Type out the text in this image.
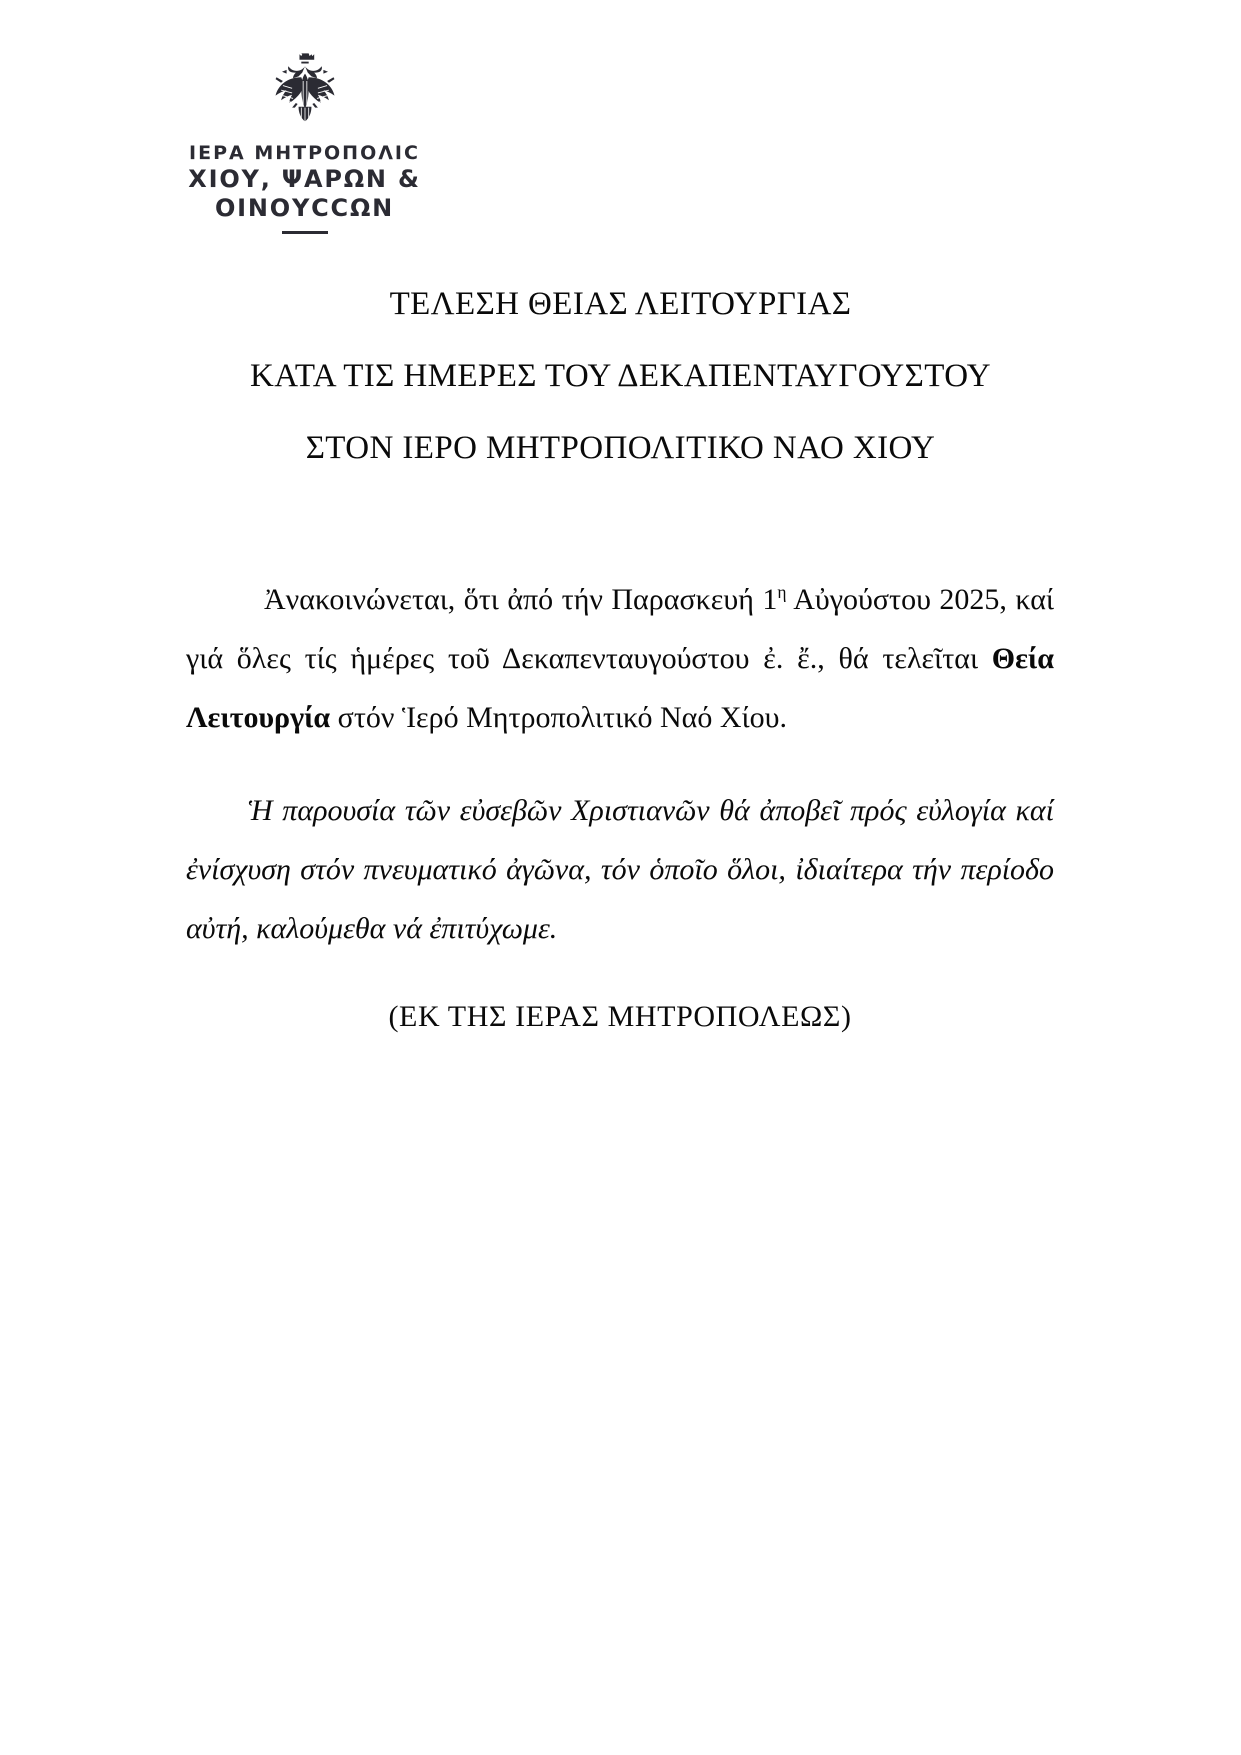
ΙΕΡΑ ΜΗΤΡΟΠΟΛΙС
ΧΙΟΥ, ΨΑΡΩΝ & ΟΙΝΟΥССΩΝ
ΤΕΛΕΣΗ ΘΕΙΑΣ ΛΕΙΤΟΥΡΓΙΑΣ
ΚΑΤΑ ΤΙΣ ΗΜΕΡΕΣ ΤΟΥ ΔΕΚΑΠΕΝΤΑΥΓΟΥΣΤΟΥ
ΣΤΟΝ ΙΕΡΟ ΜΗΤΡΟΠΟΛΙΤΙΚΟ ΝΑΟ ΧΙΟΥ

Ἀνακοινώνεται, ὅτι ἀπό τήν Παρασκευή $1^\eta$ Αὐγούστου 2025, καί γιά ὅλες τίς ἡμέρες τοῦ Δεκαπενταυγούστου ἐ. ἔ., θά τελεῖται Θεία Λειτουργία στόν Ἱερό Μητροπολιτικό Ναό Χίου.

Ἡ παρουσία τῶν εὐσεβῶν Χριστιανῶν θά ἀποβεῖ πρός εὐλογία καί ἐνίσχυση στόν πνευματικό ἀγῶνα, τόν ὁποῖο ὅλοι, ἰδιαίτερα τήν περίοδο αὐτή, καλούμεθα νά ἐπιτύχωμε.

(ΕΚ ΤΗΣ ΙΕΡΑΣ ΜΗΤΡΟΠΟΛΕΩΣ)
